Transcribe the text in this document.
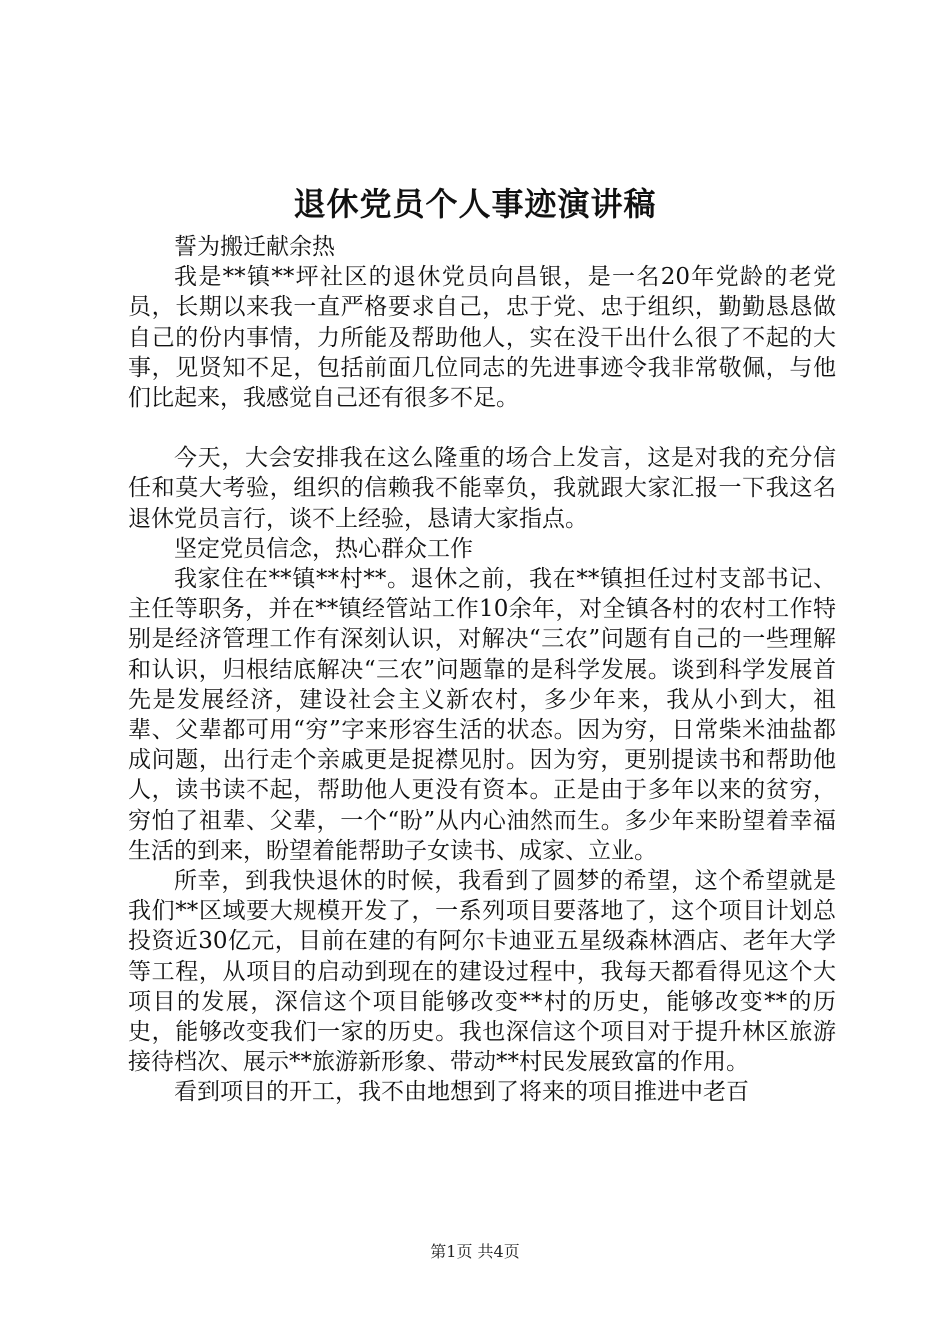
退休党员个人事迹演讲稿

誓为搬迁献余热

我是**镇**坪社区的退休党员向昌银，是一名20年党龄的老党员，长期以来我一直严格要求自己，忠于党、忠于组织，勤勤恳恳做自己的份内事情，力所能及帮助他人，实在没干出什么很了不起的大事，见贤知不足，包括前面几位同志的先进事迹令我非常敬佩，与他们比起来，我感觉自己还有很多不足。

今天，大会安排我在这么隆重的场合上发言，这是对我的充分信任和莫大考验，组织的信赖我不能辜负，我就跟大家汇报一下我这名退休党员言行，谈不上经验，恳请大家指点。

坚定党员信念，热心群众工作

我家住在**镇**村**。退休之前，我在**镇担任过村支部书记、主任等职务，并在**镇经管站工作10余年，对全镇各村的农村工作特别是经济管理工作有深刻认识，对解决“三农”问题有自己的一些理解和认识，归根结底解决“三农”问题靠的是科学发展。谈到科学发展首先是发展经济，建设社会主义新农村，多少年来，我从小到大，祖辈、父辈都可用“穷”字来形容生活的状态。因为穷，日常柴米油盐都成问题，出行走个亲戚更是捉襟见肘。因为穷，更别提读书和帮助他人，读书读不起，帮助他人更没有资本。正是由于多年以来的贫穷，穷怕了祖辈、父辈，一个“盼”从内心油然而生。多少年来盼望着幸福生活的到来，盼望着能帮助子女读书、成家、立业。

所幸，到我快退休的时候，我看到了圆梦的希望，这个希望就是我们**区域要大规模开发了，一系列项目要落地了，这个项目计划总投资近30亿元，目前在建的有阿尔卡迪亚五星级森林酒店、老年大学等工程，从项目的启动到现在的建设过程中，我每天都看得见这个大项目的发展，深信这个项目能够改变**村的历史，能够改变**的历史，能够改变我们一家的历史。我也深信这个项目对于提升林区旅游接待档次、展示**旅游新形象、带动**村民发展致富的作用。

看到项目的开工，我不由地想到了将来的项目推进中老百

第1页 共4页
